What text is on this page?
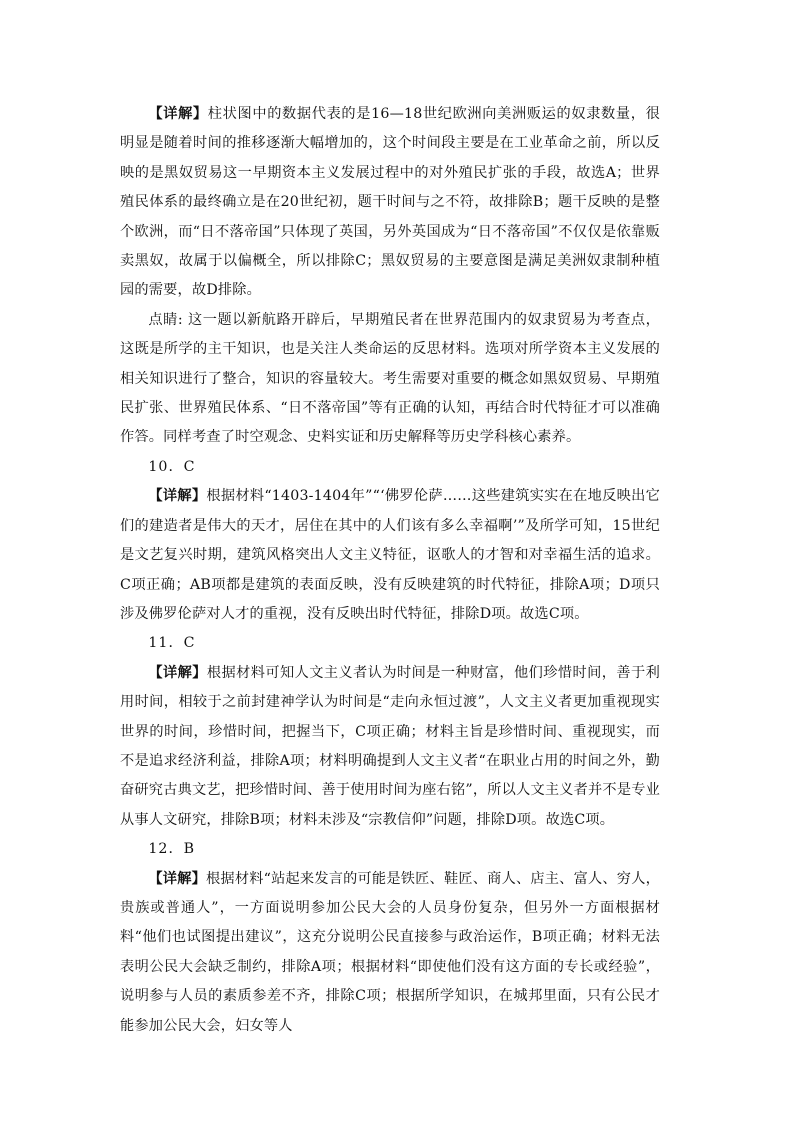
【详解】柱状图中的数据代表的是16—18世纪欧洲向美洲贩运的奴隶数量，很明显是随着时间的推移逐渐大幅增加的，这个时间段主要是在工业革命之前，所以反映的是黑奴贸易这一早期资本主义发展过程中的对外殖民扩张的手段，故选A；世界殖民体系的最终确立是在20世纪初，题干时间与之不符，故排除B；题干反映的是整个欧洲，而“日不落帝国”只体现了英国，另外英国成为“日不落帝国”不仅仅是依靠贩卖黑奴，故属于以偏概全，所以排除C；黑奴贸易的主要意图是满足美洲奴隶制种植园的需要，故D排除。

点睛: 这一题以新航路开辟后，早期殖民者在世界范围内的奴隶贸易为考查点，这既是所学的主干知识，也是关注人类命运的反思材料。选项对所学资本主义发展的相关知识进行了整合，知识的容量较大。考生需要对重要的概念如黑奴贸易、早期殖民扩张、世界殖民体系、“日不落帝国”等有正确的认知，再结合时代特征才可以准确作答。同样考查了时空观念、史料实证和历史解释等历史学科核心素养。

10．C

【详解】根据材料“1403-1404年”“‘佛罗伦萨……这些建筑实实在在地反映出它们的建造者是伟大的天才，居住在其中的人们该有多么幸福啊’”及所学可知，15世纪是文艺复兴时期，建筑风格突出人文主义特征，讴歌人的才智和对幸福生活的追求。C项正确；AB项都是建筑的表面反映，没有反映建筑的时代特征，排除A项；D项只涉及佛罗伦萨对人才的重视，没有反映出时代特征，排除D项。故选C项。

11．C

【详解】根据材料可知人文主义者认为时间是一种财富，他们珍惜时间，善于利用时间，相较于之前封建神学认为时间是“走向永恒过渡”，人文主义者更加重视现实世界的时间，珍惜时间，把握当下，C项正确；材料主旨是珍惜时间、重视现实，而不是追求经济利益，排除A项；材料明确提到人文主义者“在职业占用的时间之外，勤奋研究古典文艺，把珍惜时间、善于使用时间为座右铭”，所以人文主义者并不是专业从事人文研究，排除B项；材料未涉及“宗教信仰”问题，排除D项。故选C项。

12．B

【详解】根据材料“站起来发言的可能是铁匠、鞋匠、商人、店主、富人、穷人，贵族或普通人”，一方面说明参加公民大会的人员身份复杂，但另外一方面根据材料“他们也试图提出建议”，这充分说明公民直接参与政治运作，B项正确；材料无法表明公民大会缺乏制约，排除A项；根据材料“即使他们没有这方面的专长或经验”，说明参与人员的素质参差不齐，排除C项；根据所学知识，在城邦里面，只有公民才能参加公民大会，妇女等人
